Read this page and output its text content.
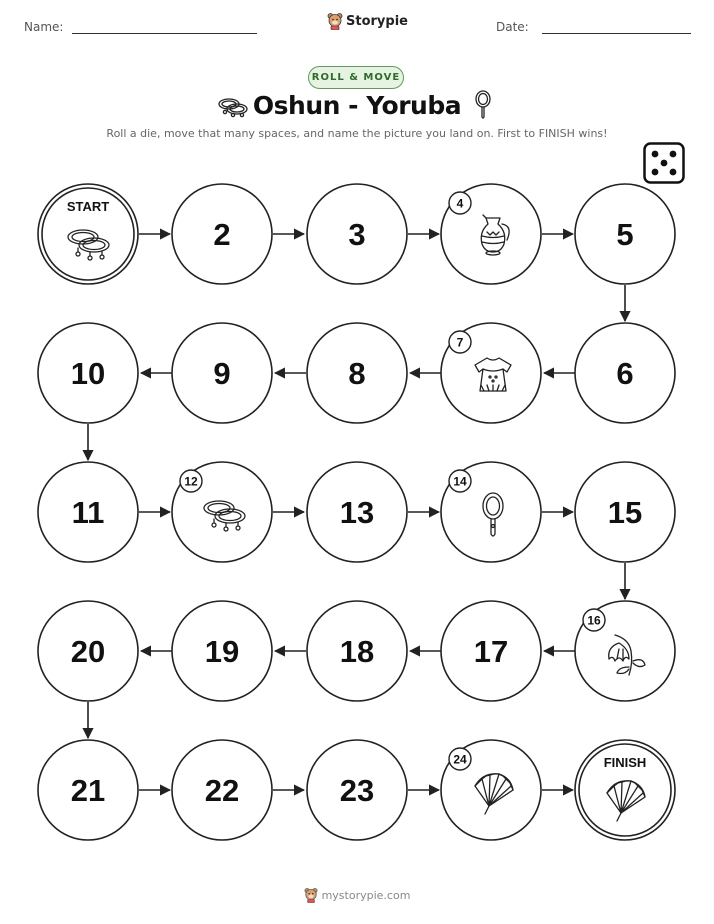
Name:	Storypie	Date:
ROLL & MOVE
Oshun - Yoruba
Roll a die, move that many spaces, and name the picture you land on. First to FINISH wins!
START
2	3
4
5
6
7
8
9
10
11
12
13
14
15
16
17
18
19
20
21	22	23
24	FINISH
mystorypie.com
